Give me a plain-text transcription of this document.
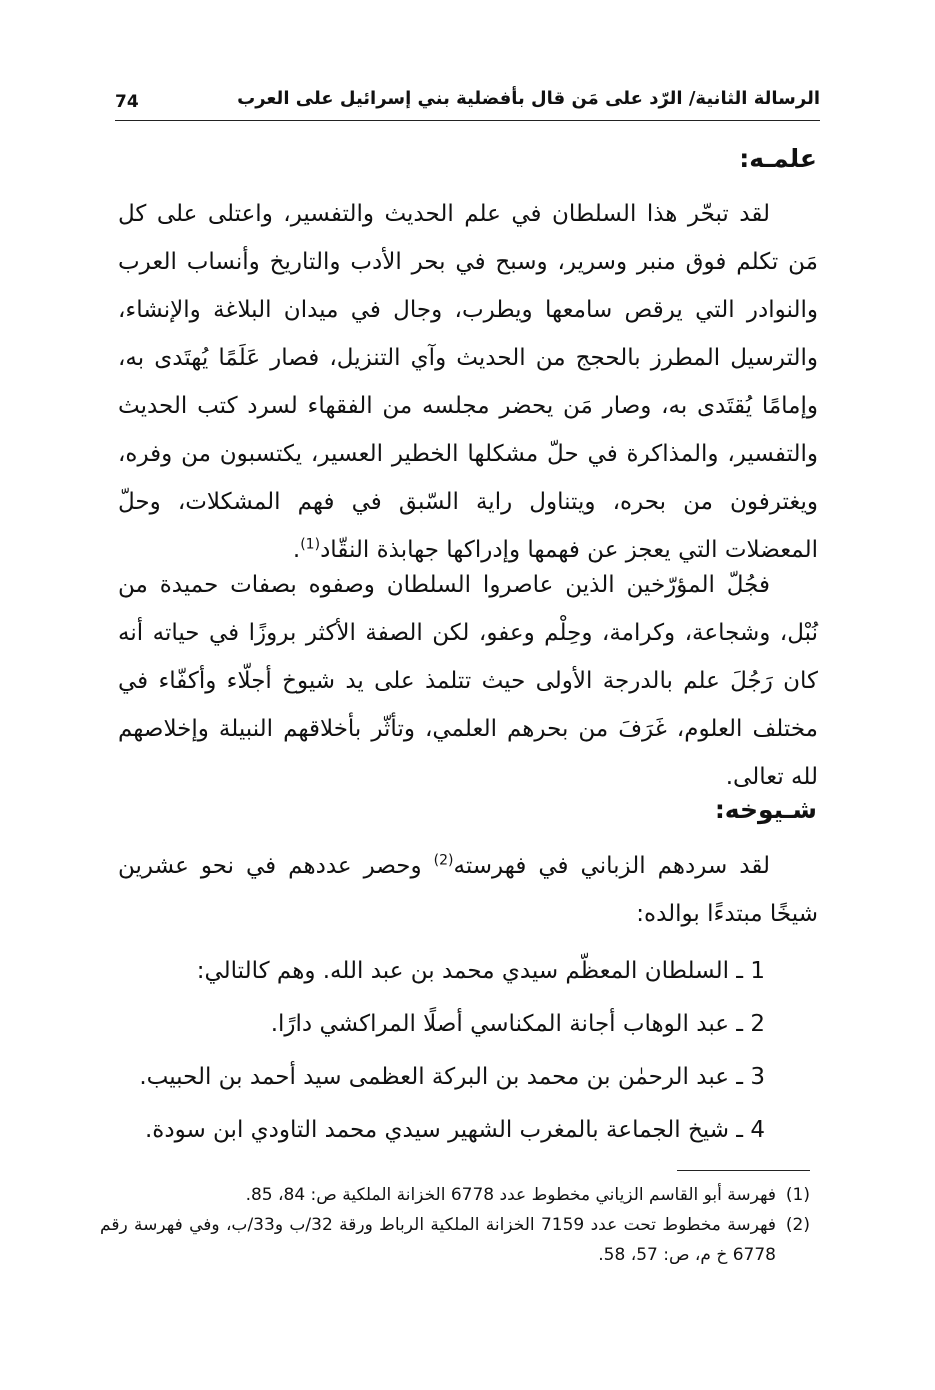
الرسالة الثانية/ الرّد على مَن قال بأفضلية بني إسرائيل على العرب
74
علمـه:
لقد تبحّر هذا السلطان في علم الحديث والتفسير، واعتلى على كل مَن تكلم فوق منبر وسرير، وسبح في بحر الأدب والتاريخ وأنساب العرب والنوادر التي يرقص سامعها ويطرب، وجال في ميدان البلاغة والإنشاء، والترسيل المطرز بالحجج من الحديث وآي التنزيل، فصار عَلَمًا يُهتَدى به، وإمامًا يُقتَدى به، وصار مَن يحضر مجلسه من الفقهاء لسرد كتب الحديث والتفسير، والمذاكرة في حلّ مشكلها الخطير العسير، يكتسبون من وفره، ويغترفون من بحره، ويتناول راية السّبق في فهم المشكلات، وحلّ المعضلات التي يعجز عن فهمها وإدراكها جهابذة النقّاد$^{(1)}$.
فجُلّ المؤرّخين الذين عاصروا السلطان وصفوه بصفات حميدة من نُبْل، وشجاعة، وكرامة، وحِلْم وعفو، لكن الصفة الأكثر بروزًا في حياته أنه كان رَجُلَ علم بالدرجة الأولى حيث تتلمذ على يد شيوخ أجلّاء وأكفّاء في مختلف العلوم، غَرَفَ من بحرهم العلمي، وتأثّر بأخلاقهم النبيلة وإخلاصهم لله تعالى.
شـيوخه:
لقد سردهم الزباني في فهرسته$^{(2)}$ وحصر عددهم في نحو عشرين شيخًا مبتدءًا بوالده:
1 ـ السلطان المعظّم سيدي محمد بن عبد الله. وهم كالتالي:
2 ـ عبد الوهاب أجانة المكناسي أصلًا المراكشي دارًا.
3 ـ عبد الرحمٰن بن محمد بن البركة العظمى سيد أحمد بن الحبيب.
4 ـ شيخ الجماعة بالمغرب الشهير سيدي محمد التاودي ابن سودة.
(1)
فهرسة أبو القاسم الزياني مخطوط عدد 6778 الخزانة الملكية ص: 84، 85.
(2)
فهرسة مخطوط تحت عدد 7159 الخزانة الملكية الرباط ورقة 32/ب و33/ب، وفي فهرسة رقم 6778 خ م، ص: 57، 58.
